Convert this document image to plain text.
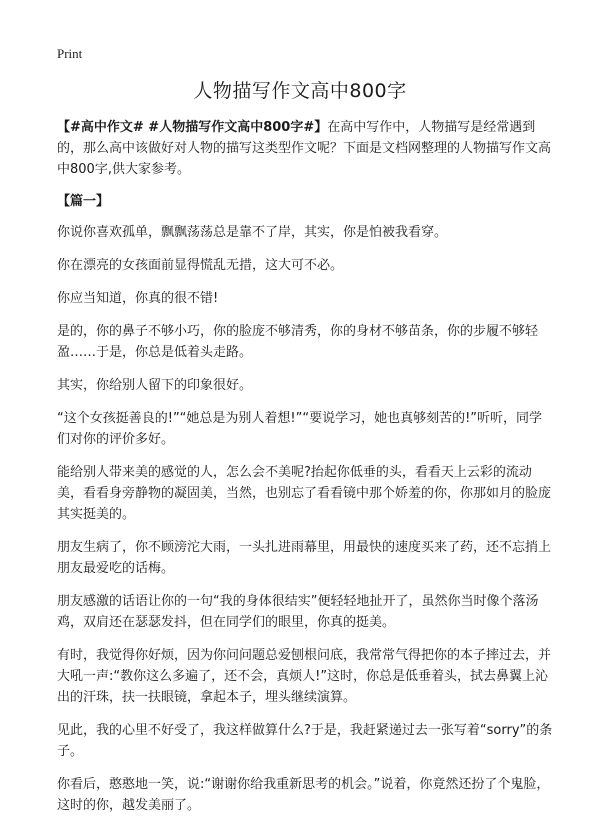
Print
人物描写作文高中800字

【#高中作文# #人物描写作文高中800字#】在高中写作中，人物描写是经常遇到的，那么高中该做好对人物的描写这类型作文呢？下面是文档网整理的人物描写作文高中800字,供大家参考。

【篇一】

你说你喜欢孤单，飘飘荡荡总是靠不了岸，其实，你是怕被我看穿。

你在漂亮的女孩面前显得慌乱无措，这大可不必。

你应当知道，你真的很不错!

是的，你的鼻子不够小巧，你的脸庞不够清秀，你的身材不够苗条，你的步履不够轻盈……于是，你总是低着头走路。

其实，你给别人留下的印象很好。

“这个女孩挺善良的!”“她总是为别人着想!”“要说学习，她也真够刻苦的!”听听，同学们对你的评价多好。

能给别人带来美的感觉的人，怎么会不美呢?抬起你低垂的头，看看天上云彩的流动美，看看身旁静物的凝固美，当然，也别忘了看看镜中那个娇羞的你，你那如月的脸庞其实挺美的。

朋友生病了，你不顾滂沱大雨，一头扎进雨幕里，用最快的速度买来了药，还不忘捎上朋友最爱吃的话梅。

朋友感激的话语让你的一句“我的身体很结实”便轻轻地扯开了，虽然你当时像个落汤鸡，双肩还在瑟瑟发抖，但在同学们的眼里，你真的挺美。

有时，我觉得你好烦，因为你问问题总爱刨根问底，我常常气得把你的本子摔过去，并大吼一声:“教你这么多遍了，还不会，真烦人!”这时，你总是低垂着头，拭去鼻翼上沁出的汗珠，扶一扶眼镜，拿起本子，埋头继续演算。

见此，我的心里不好受了，我这样做算什么?于是，我赶紧递过去一张写着“sorry”的条子。

你看后，憨憨地一笑，说:“谢谢你给我重新思考的机会。”说着，你竟然还扮了个鬼脸，这时的你，越发美丽了。
